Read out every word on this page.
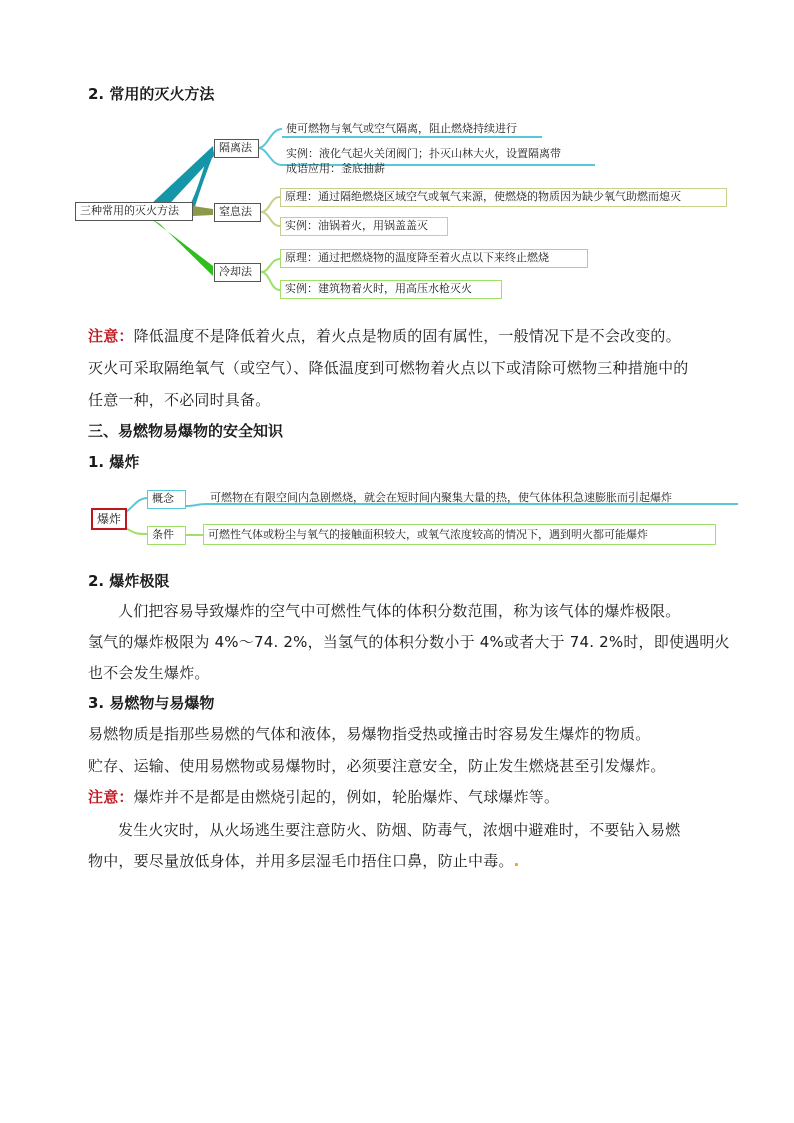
2. 常用的灭火方法
三种常用的灭火方法
隔离法
使可燃物与氧气或空气隔离，阻止燃烧持续进行
实例：液化气起火关闭阀门；扑灭山林大火，设置隔离带
成语应用：釜底抽薪
窒息法
原理：通过隔绝燃烧区域空气或氧气来源，使燃烧的物质因为缺少氧气助燃而熄灭
实例：油锅着火，用锅盖盖灭
冷却法
原理：通过把燃烧物的温度降至着火点以下来终止燃烧
实例：建筑物着火时，用高压水枪灭火
注意：降低温度不是降低着火点，着火点是物质的固有属性，一般情况下是不会改变的。
灭火可采取隔绝氧气（或空气）、降低温度到可燃物着火点以下或清除可燃物三种措施中的
任意一种，不必同时具备。
三、易燃物易爆物的安全知识
1. 爆炸
爆炸
概念	可燃物在有限空间内急剧燃烧，就会在短时间内聚集大量的热，使气体体积急速膨胀而引起爆炸
条件	可燃性气体或粉尘与氧气的接触面积较大，或氧气浓度较高的情况下，遇到明火都可能爆炸
2. 爆炸极限
人们把容易导致爆炸的空气中可燃性气体的体积分数范围，称为该气体的爆炸极限。
氢气的爆炸极限为 4%～74. 2%，当氢气的体积分数小于 4%或者大于 74. 2%时，即使遇明火
也不会发生爆炸。
3. 易燃物与易爆物
易燃物质是指那些易燃的气体和液体，易爆物指受热或撞击时容易发生爆炸的物质。
贮存、运输、使用易燃物或易爆物时，必须要注意安全，防止发生燃烧甚至引发爆炸。
注意：爆炸并不是都是由燃烧引起的，例如，轮胎爆炸、气球爆炸等。
发生火灾时，从火场逃生要注意防火、防烟、防毒气，浓烟中避难时，不要钻入易燃
物中，要尽量放低身体，并用多层湿毛巾捂住口鼻，防止中毒。.
